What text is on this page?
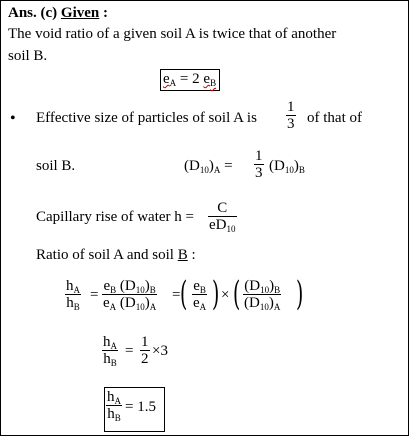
Ans. (c) Given :
The void ratio of a given soil A is twice that of another
soil B.
$e_A = 2$ $e_B$
• Effective size of particles of soil A is
1
3 of that of
soil B.	$(D_{10})_A$ =
1
3 $(D_{10})_B$
Capillary rise of water h =
C
$eD_{10}$
Ratio of soil A and soil B :
$h_A$
$h_B$
=
$e_B$ $(D_{10})_B$
$e_A$ $(D_{10})_A$
= ( $e_B$
$e_A$ ) × ( $(D_{10})_B$
$(D_{10})_A$ )
$h_A$
$h_B$
=
1
2 ×3
$h_A$
$h_B$
= 1.5
